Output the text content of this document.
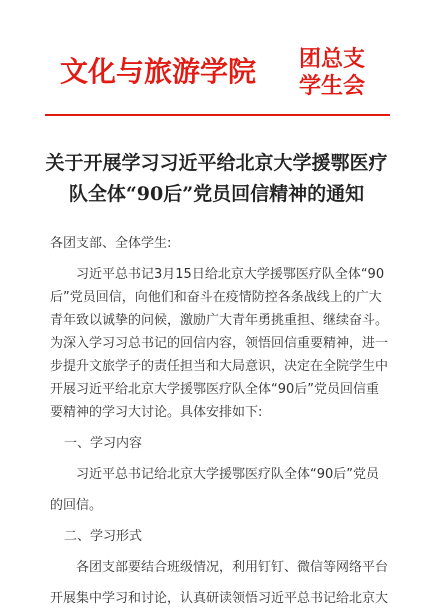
文化与旅游学院 团总支
学生会
关于开展学习习近平给北京大学援鄂医疗
队全体“90后”党员回信精神的通知

各团支部、全体学生:

习近平总书记3月15日给北京大学援鄂医疗队全体“90

后”党员回信，向他们和奋斗在疫情防控各条战线上的广大

青年致以诚挚的问候，激励广大青年勇挑重担、继续奋斗。

为深入学习习总书记的回信内容，领悟回信重要精神，进一

步提升文旅学子的责任担当和大局意识，决定在全院学生中

开展习近平给北京大学援鄂医疗队全体“90后”党员回信重

要精神的学习大讨论。具体安排如下:

一、学习内容

习近平总书记给北京大学援鄂医疗队全体“90后”党员

的回信。

二、学习形式

各团支部要结合班级情况，利用钉钉、微信等网络平台

开展集中学习和讨论，认真研读领悟习近平总书记给北京大
